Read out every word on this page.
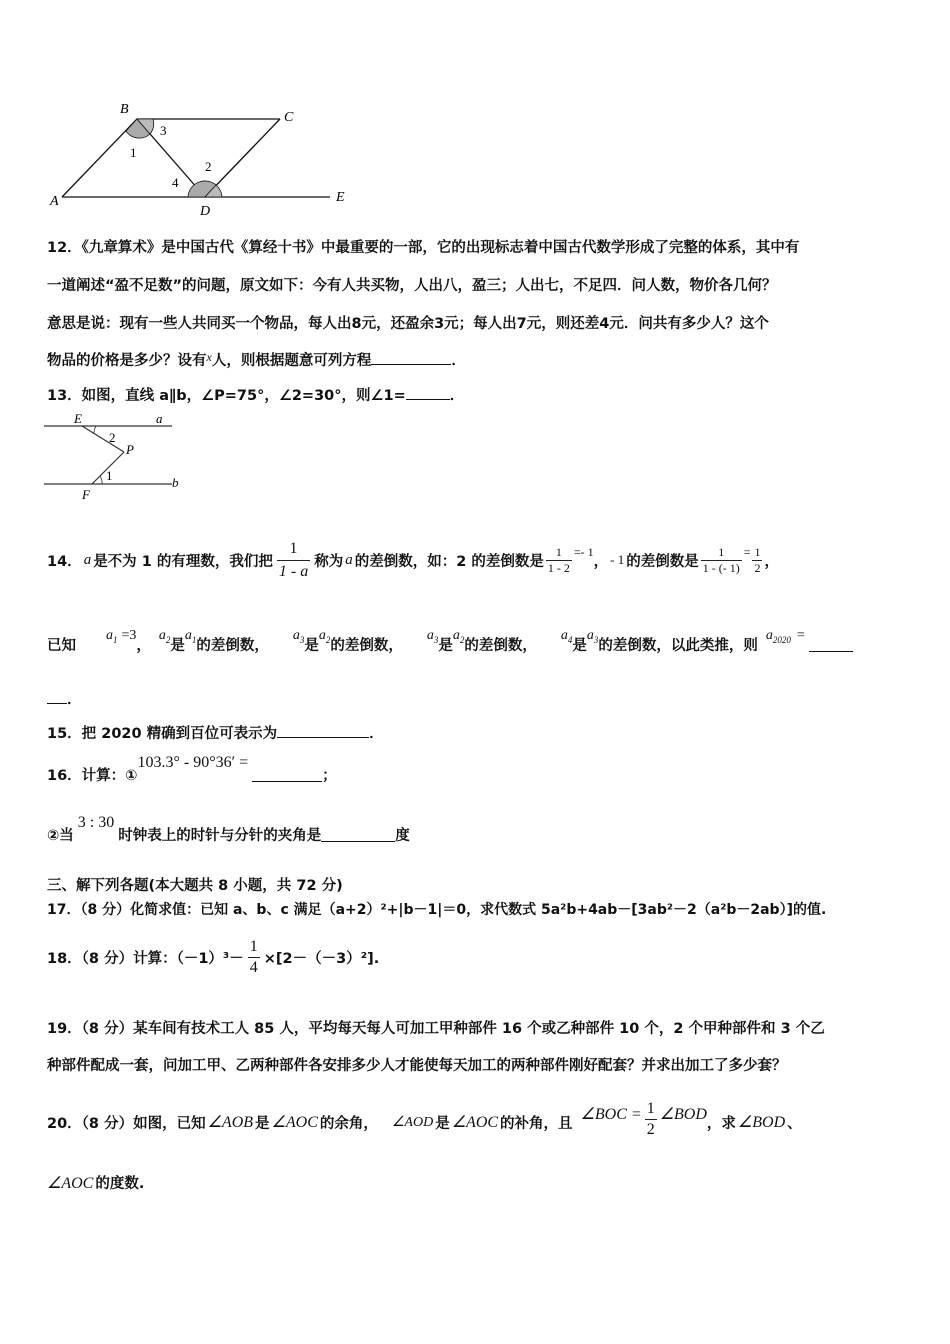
A
B
C
D
E
1
2
3
4
12．《九章算术》是中国古代《算经十书》中最重要的一部，它的出现标志着中国古代数学形成了完整的体系，其中有
一道阐述“盈不足数”的问题，原文如下：今有人共买物，人出八，盈三；人出七，不足四．问人数，物价各几何？
意思是说：现有一些人共同买一个物品，每人出8元，还盈余3元；每人出7元，则还差4元．问共有多少人？这个
物品的价格是多少？设有$^x$人，则根据题意可列方程	．
13．如图，直线 a∥b，∠P=75°，∠2=30°，则∠1=	．
E	a
2
P
1
F
b
14． a 是不为 1 的有理数，我们把 $\frac{1}{1 - a}$ 称为 a 的差倒数，如：2 的差倒数是 $\frac{1}{1 - 2} =- 1$
， - 1 的差倒数是 $\frac{1}{1 - (- 1)} = \frac{1}{2}$ ，
已知
$a_1 =3$
，
$a_2$ 是
$a_1$ 的差倒数，
$a_3$ 是
$a_2$ 的差倒数，
$a_3$ 是
$a_2$ 的差倒数，
$a_4$ 是
$a_3$ 的差倒数，以此类推，则
$a_{2020}$ =
．
15．把 2020 精确到百位可表示为	．
16．计算：①
103.3° - 90°36′ =
；
②当
3 : 30
时钟表上的时针与分针的夹角是	度
三、解下列各题(本大题共 8 小题，共 72 分)
17．（8 分）化简求值：已知 a、b、c 满足（a+2）²+|b－1|＝0，求代数式 5a²b+4ab－[3ab²－2（a²b－2ab）]的值.
18．（8 分）计算：$(-1)^3- \frac{1}{4} \times[2-(-3)^2]$.
19．（8 分）某车间有技术工人 85 人，平均每天每人可加工甲种部件 16 个或乙种部件 10 个，2 个甲种部件和 3 个乙
种部件配成一套，问加工甲、乙两种部件各安排多少人才能使每天加工的两种部件刚好配套？并求出加工了多少套？
20．（8 分）如图，已知 ∠AOB 是 ∠AOC 的余角， ∠AOD 是 ∠AOC 的补角，且
∠BOC = $\frac{1}{2}$ ∠BOD
，求 ∠BOD 、
∠AOC 的度数.
